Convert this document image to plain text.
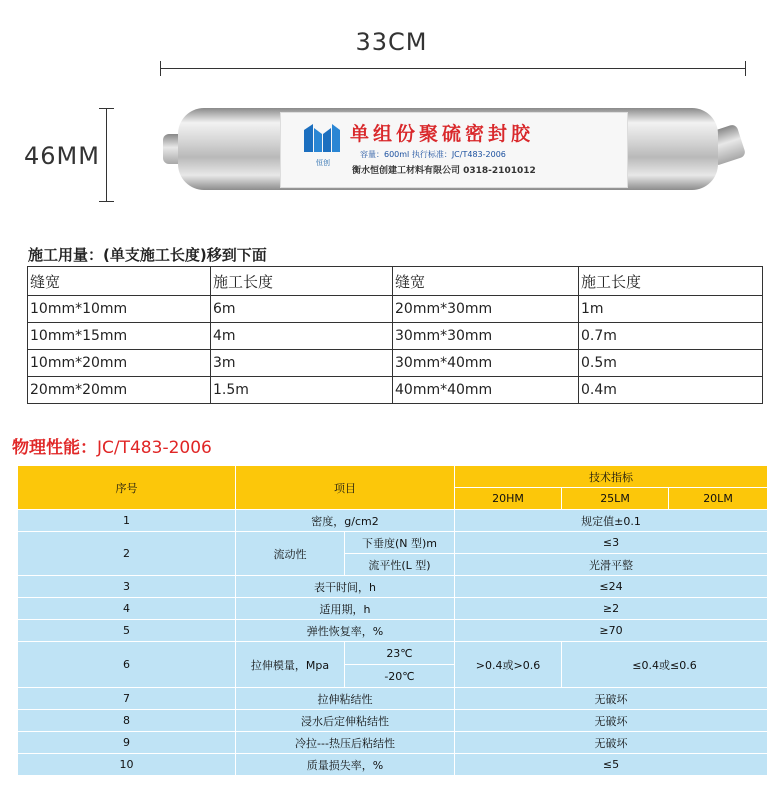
33CM
46MM	恒创
单组份聚硫密封胶
容量：600ml 执行标准：JC/T483-2006
衡水恒创建工材料有限公司 0318-2101012
施工用量：(单支施工长度)移到下面
缝宽	施工长度	缝宽	施工长度
10mm*10mm	6m	20mm*30mm	1m
10mm*15mm	4m	30mm*30mm	0.7m
10mm*20mm	3m	30mm*40mm	0.5m
20mm*20mm	1.5m	40mm*40mm	0.4m
物理性能：JC/T483-2006
序号	项目		技术指标		
			20HM	25LM	20LM
1	密度，g/cm2		规定值±0.1		
2	流动性	下垂度(N 型)m	≤3		
		流平性(L 型)	光滑平整		
3	表干时间，h		≤24		
4	适用期，h		≥2		
5	弹性恢复率，%		≥70		
6	拉伸模量，Mpa	23℃	>0.4或>0.6	≤0.4或≤0.6	
		-20℃			
7	拉伸粘结性		无破坏		
8	浸水后定伸粘结性		无破坏		
9	冷拉---热压后粘结性		无破坏		
10	质量损失率，%		≤5		
